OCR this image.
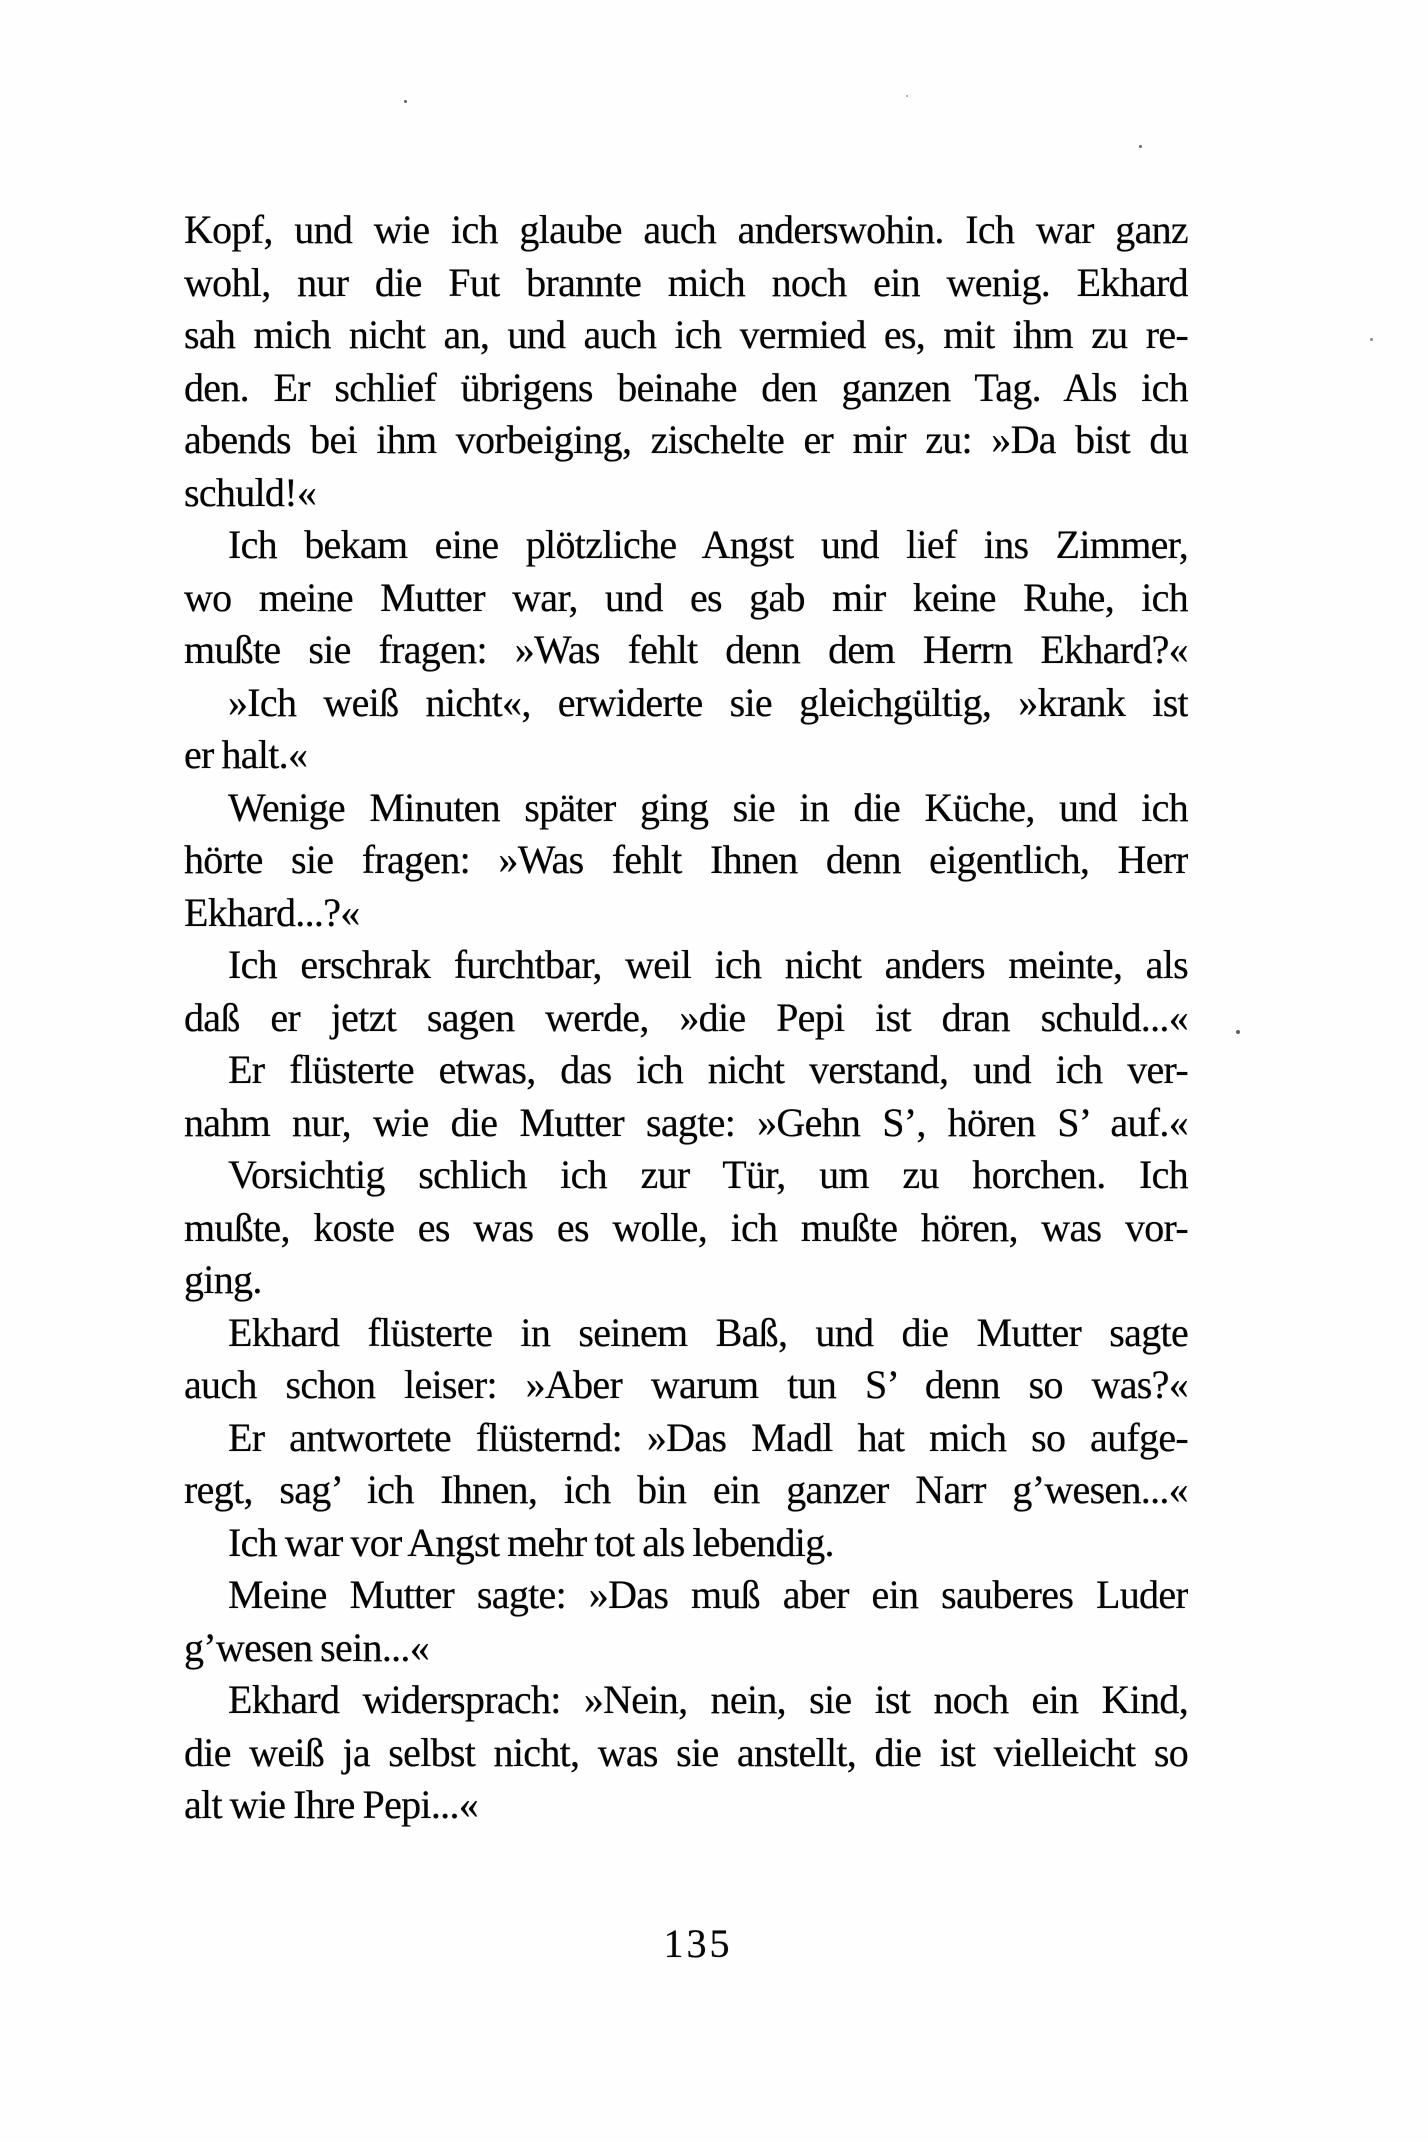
Kopf, und wie ich glaube auch anderswohin. Ich war ganz
wohl, nur die Fut brannte mich noch ein wenig. Ekhard
sah mich nicht an, und auch ich vermied es, mit ihm zu re-
den. Er schlief übrigens beinahe den ganzen Tag. Als ich
abends bei ihm vorbeiging, zischelte er mir zu: »Da bist du
schuld!«

Ich bekam eine plötzliche Angst und lief ins Zimmer,
wo meine Mutter war, und es gab mir keine Ruhe, ich
mußte sie fragen: »Was fehlt denn dem Herrn Ekhard?«

»Ich weiß nicht«, erwiderte sie gleichgültig, »krank ist
er halt.«

Wenige Minuten später ging sie in die Küche, und ich
hörte sie fragen: »Was fehlt Ihnen denn eigentlich, Herr
Ekhard...?«

Ich erschrak furchtbar, weil ich nicht anders meinte, als
daß er jetzt sagen werde, »die Pepi ist dran schuld...«

Er flüsterte etwas, das ich nicht verstand, und ich ver-
nahm nur, wie die Mutter sagte: »Gehn S’, hören S’ auf.«

Vorsichtig schlich ich zur Tür, um zu horchen. Ich
mußte, koste es was es wolle, ich mußte hören, was vor-
ging.

Ekhard flüsterte in seinem Baß, und die Mutter sagte
auch schon leiser: »Aber warum tun S’ denn so was?«

Er antwortete flüsternd: »Das Madl hat mich so aufge-
regt, sag’ ich Ihnen, ich bin ein ganzer Narr g’wesen...«

Ich war vor Angst mehr tot als lebendig.

Meine Mutter sagte: »Das muß aber ein sauberes Luder
g’wesen sein...«

Ekhard widersprach: »Nein, nein, sie ist noch ein Kind,
die weiß ja selbst nicht, was sie anstellt, die ist vielleicht so
alt wie Ihre Pepi...«

135
